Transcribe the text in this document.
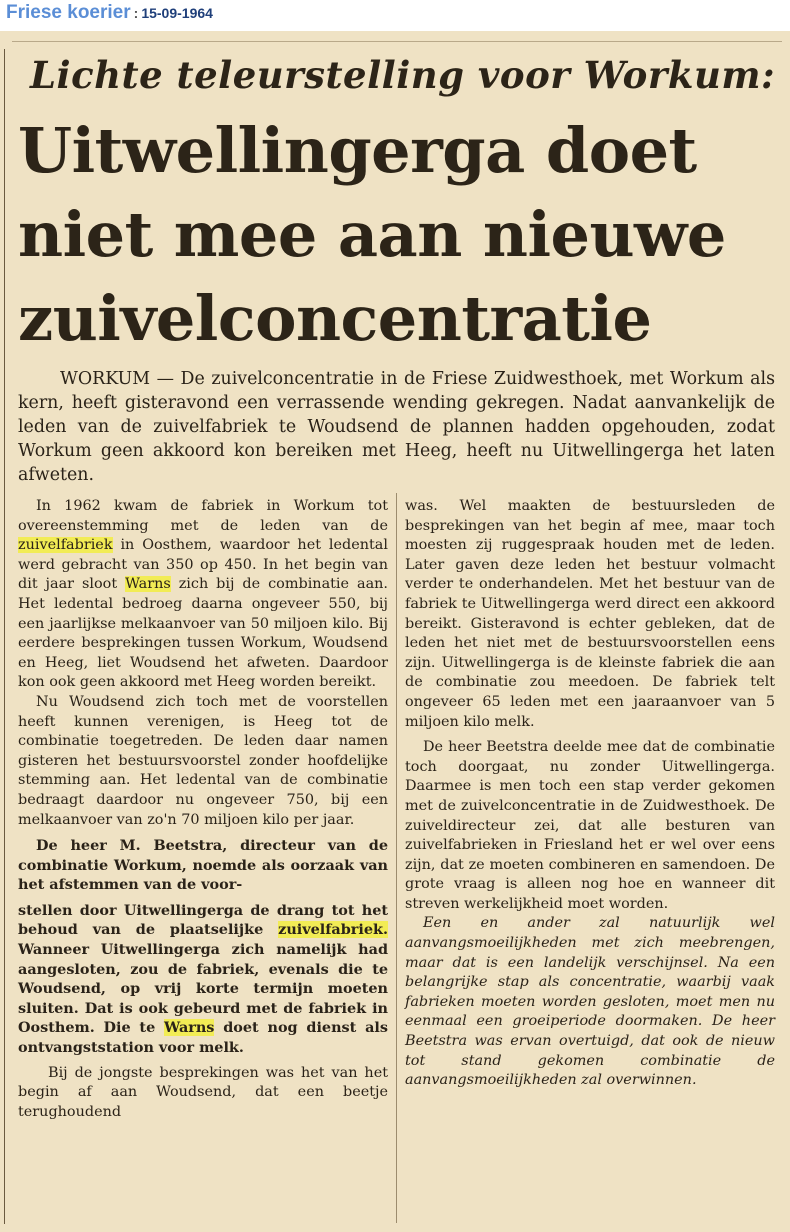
Friese koerier : 15-09-1964
Lichte teleurstelling voor Workum:
Uitwellingerga doet niet mee aan nieuwe zuivelconcentratie
WORKUM — De zuivelconcentratie in de Friese Zuidwesthoek, met Workum als kern, heeft gisteravond een verrassende wending gekregen. Nadat aanvankelijk de leden van de zuivelfabriek te Woudsend de plannen hadden opgehouden, zodat Workum geen akkoord kon bereiken met Heeg, heeft nu Uitwellingerga het laten afweten.

In 1962 kwam de fabriek in Workum tot overeenstemming met de leden van de zuivelfabriek in Oosthem, waardoor het ledental werd gebracht van 350 op 450. In het begin van dit jaar sloot Warns zich bij de combinatie aan. Het ledental bedroeg daarna ongeveer 550, bij een jaarlijkse melkaanvoer van 50 miljoen kilo. Bij eerdere besprekingen tussen Workum, Woudsend en Heeg, liet Woudsend het afweten. Daardoor kon ook geen akkoord met Heeg worden bereikt.

Nu Woudsend zich toch met de voorstellen heeft kunnen verenigen, is Heeg tot de combinatie toegetreden. De leden daar namen gisteren het bestuursvoorstel zonder hoofdelijke stemming aan. Het ledental van de combinatie bedraagt daardoor nu ongeveer 750, bij een melkaanvoer van zo'n 70 miljoen kilo per jaar.

De heer M. Beetstra, directeur van de combinatie Workum, noemde als oorzaak van het afstemmen van de voor-

stellen door Uitwellingerga de drang tot het behoud van de plaatselijke zuivelfabriek. Wanneer Uitwellingerga zich namelijk had aangesloten, zou de fabriek, evenals die te Woudsend, op vrij korte termijn moeten sluiten. Dat is ook gebeurd met de fabriek in Oosthem. Die te Warns doet nog dienst als ontvangststation voor melk.

Bij de jongste besprekingen was het van het begin af aan Woudsend, dat een beetje terughoudend

was. Wel maakten de bestuursleden de besprekingen van het begin af mee, maar toch moesten zij ruggespraak houden met de leden. Later gaven deze leden het bestuur volmacht verder te onderhandelen. Met het bestuur van de fabriek te Uitwellingerga werd direct een akkoord bereikt. Gisteravond is echter gebleken, dat de leden het niet met de bestuursvoorstellen eens zijn. Uitwellingerga is de kleinste fabriek die aan de combinatie zou meedoen. De fabriek telt ongeveer 65 leden met een jaaraanvoer van 5 miljoen kilo melk.

De heer Beetstra deelde mee dat de combinatie toch doorgaat, nu zonder Uitwellingerga. Daarmee is men toch een stap verder gekomen met de zuivelconcentratie in de Zuidwesthoek. De zuiveldirecteur zei, dat alle besturen van zuivelfabrieken in Friesland het er wel over eens zijn, dat ze moeten combineren en samendoen. De grote vraag is alleen nog hoe en wanneer dit streven werkelijkheid moet worden.

Een en ander zal natuurlijk wel aanvangsmoeilijkheden met zich meebrengen, maar dat is een landelijk verschijnsel. Na een belangrijke stap als concentratie, waarbij vaak fabrieken moeten worden gesloten, moet men nu eenmaal een groeiperiode doormaken. De heer Beetstra was ervan overtuigd, dat ook de nieuw tot stand gekomen combinatie de aanvangsmoeilijkheden zal overwinnen.
